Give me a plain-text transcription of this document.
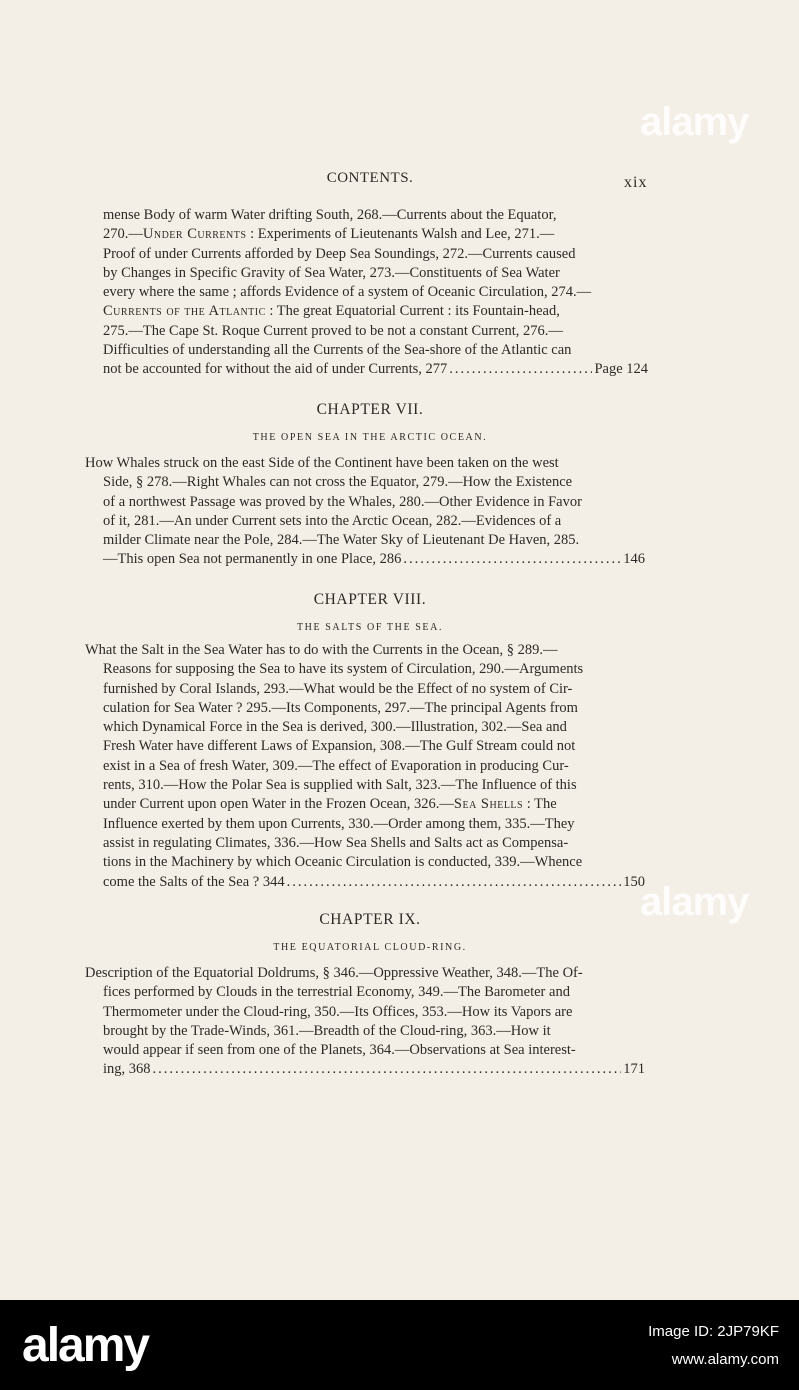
CONTENTS.	xix
mense Body of warm Water drifting South, 268.—Currents about the Equator,
270.—Under Currents : Experiments of Lieutenants Walsh and Lee, 271.—
Proof of under Currents afforded by Deep Sea Soundings, 272.—Currents caused
by Changes in Specific Gravity of Sea Water, 273.—Constituents of Sea Water
every where the same ; affords Evidence of a system of Oceanic Circulation, 274.—
Currents of the Atlantic : The great Equatorial Current : its Fountain-head,
275.—The Cape St. Roque Current proved to be not a constant Current, 276.—
Difficulties of understanding all the Currents of the Sea-shore of the Atlantic can
not be accounted for without the aid of under Currents, 277 .....	Page 124
CHAPTER VII.
THE OPEN SEA IN THE ARCTIC OCEAN.
How Whales struck on the east Side of the Continent have been taken on the west
Side, § 278.—Right Whales can not cross the Equator, 279.—How the Existence
of a northwest Passage was proved by the Whales, 280.—Other Evidence in Favor
of it, 281.—An under Current sets into the Arctic Ocean, 282.—Evidences of a
milder Climate near the Pole, 284.—The Water Sky of Lieutenant De Haven, 285.
—This open Sea not permanently in one Place, 286 .....	146
CHAPTER VIII.
THE SALTS OF THE SEA.
What the Salt in the Sea Water has to do with the Currents in the Ocean, § 289.—
Reasons for supposing the Sea to have its system of Circulation, 290.—Arguments
furnished by Coral Islands, 293.—What would be the Effect of no system of Cir-
culation for Sea Water ? 295.—Its Components, 297.—The principal Agents from
which Dynamical Force in the Sea is derived, 300.—Illustration, 302.—Sea and
Fresh Water have different Laws of Expansion, 308.—The Gulf Stream could not
exist in a Sea of fresh Water, 309.—The effect of Evaporation in producing Cur-
rents, 310.—How the Polar Sea is supplied with Salt, 323.—The Influence of this
under Current upon open Water in the Frozen Ocean, 326.—Sea Shells : The
Influence exerted by them upon Currents, 330.—Order among them, 335.—They
assist in regulating Climates, 336.—How Sea Shells and Salts act as Compensa-
tions in the Machinery by which Oceanic Circulation is conducted, 339.—Whence
come the Salts of the Sea ? 344 .....	150
CHAPTER IX.
THE EQUATORIAL CLOUD-RING.
Description of the Equatorial Doldrums, § 346.—Oppressive Weather, 348.—The Of-
fices performed by Clouds in the terrestrial Economy, 349.—The Barometer and
Thermometer under the Cloud-ring, 350.—Its Offices, 353.—How its Vapors are
brought by the Trade-Winds, 361.—Breadth of the Cloud-ring, 363.—How it
would appear if seen from one of the Planets, 364.—Observations at Sea interest-
ing, 368 .....	171
alamy
alamy
alamy	Image ID: 2JP79KF
www.alamy.com
